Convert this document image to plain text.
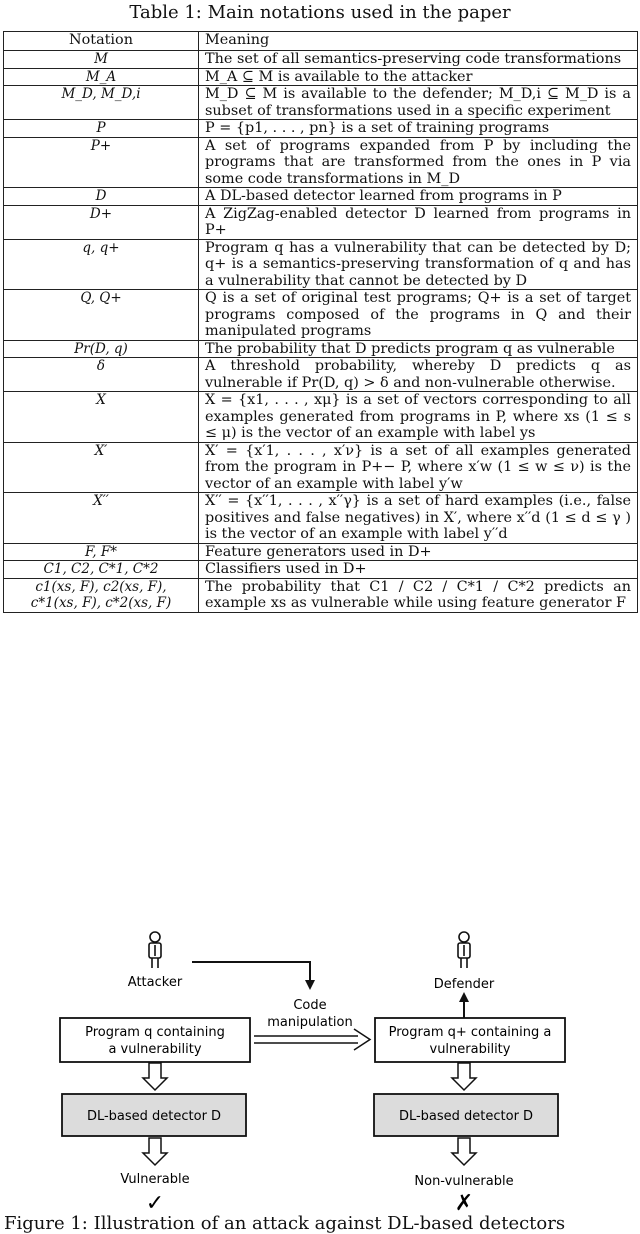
Table 1: Main notations used in the paper
Notation	Meaning
M	The set of all semantics-preserving code transformations
M_A	M_A ⊆ M is available to the attacker
M_D, M_D,i	M_D ⊆ M is available to the defender; M_D,i ⊆ M_D is a subset of transformations used in a specific experiment
P	P = {p1, . . . , pn} is a set of training programs
P+	A set of programs expanded from P by including the programs that are transformed from the ones in P via some code transformations in M_D
D	A DL-based detector learned from programs in P
D+	A ZigZag-enabled detector D learned from programs in P+
q, q+	Program q has a vulnerability that can be detected by D; q+ is a semantics-preserving transformation of q and has a vulnerability that cannot be detected by D
Q, Q+	Q is a set of original test programs; Q+ is a set of target programs composed of the programs in Q and their manipulated programs
Pr(D, q)	The probability that D predicts program q as vulnerable
δ	A threshold probability, whereby D predicts q as vulnerable if Pr(D, q) > δ and non-vulnerable otherwise.
X	X = {x1, . . . , xμ} is a set of vectors corresponding to all examples generated from programs in P, where xs (1 ≤ s ≤ μ) is the vector of an example with label ys
X′	X′ = {x′1, . . . , x′ν} is a set of all examples generated from the program in P+− P, where x′w (1 ≤ w ≤ ν) is the vector of an example with label y′w
X′′	X′′ = {x′′1, . . . , x′′γ} is a set of hard examples (i.e., false positives and false negatives) in X′, where x′′d (1 ≤ d ≤ γ ) is the vector of an example with label y′′d
F, F*	Feature generators used in D+
C1, C2, C*1, C*2	Classifiers used in D+
c1(xs, F), c2(xs, F), c*1(xs, F), c*2(xs, F)	The probability that C1 / C2 / C*1 / C*2 predicts an example xs as vulnerable while using feature generator F
Attacker	Defender
Code
manipulation
Program q containing
a vulnerability
Program q+ containing a
vulnerability
DL-based detector D	DL-based detector D
Vulnerable	Non-vulnerable
✓	✗
Figure 1: Illustration of an attack against DL-based detectors
